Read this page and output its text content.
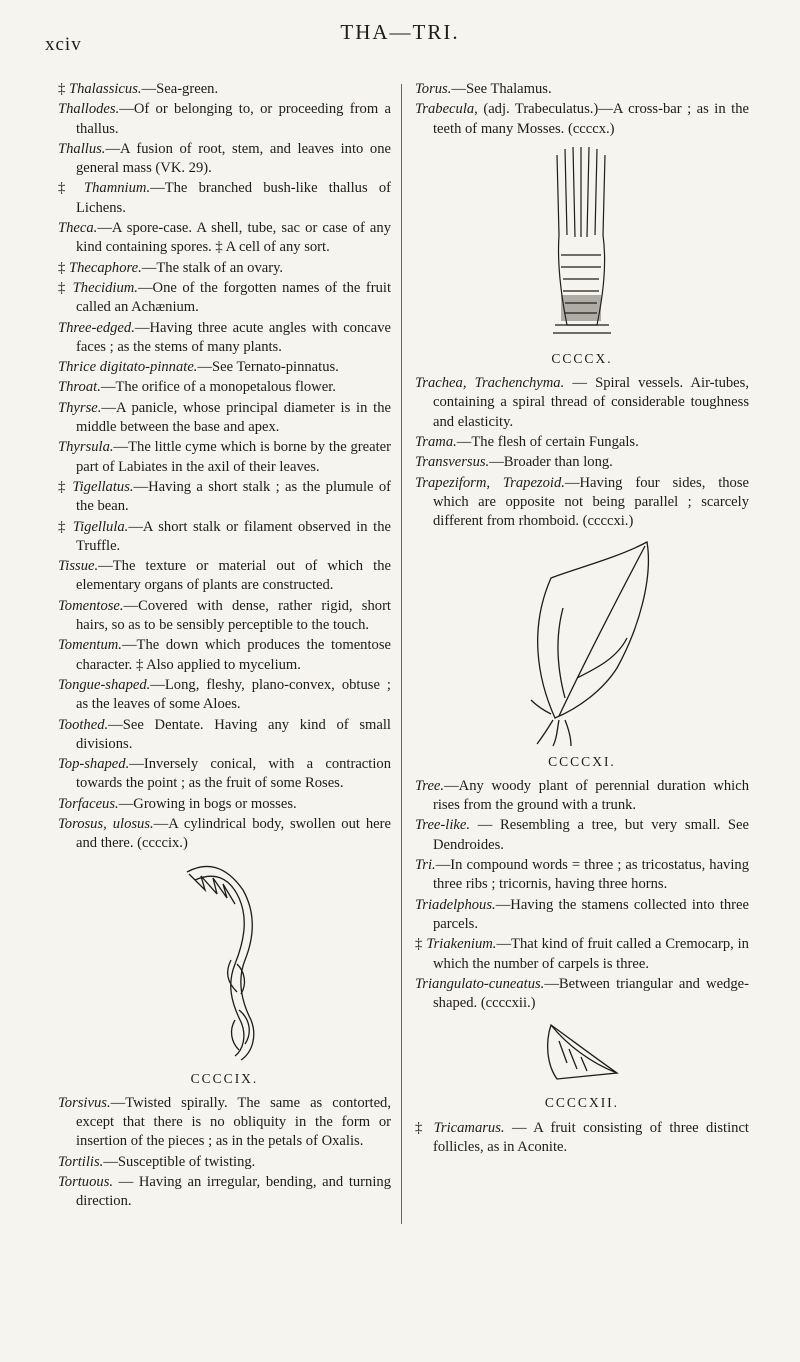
xciv
THA—TRI.

‡ Thalassicus.—Sea-green.

Thallodes.—Of or belonging to, or proceeding from a thallus.

Thallus.—A fusion of root, stem, and leaves into one general mass (VK. 29).

‡ Thamnium.—The branched bush-like thallus of Lichens.

Theca.—A spore-case. A shell, tube, sac or case of any kind containing spores. ‡ A cell of any sort.

‡ Thecaphore.—The stalk of an ovary.

‡ Thecidium.—One of the forgotten names of the fruit called an Achænium.

Three-edged.—Having three acute angles with concave faces ; as the stems of many plants.

Thrice digitato-pinnate.—See Ternato-pinnatus.

Throat.—The orifice of a monopetalous flower.

Thyrse.—A panicle, whose principal diameter is in the middle between the base and apex.

Thyrsula.—The little cyme which is borne by the greater part of Labiates in the axil of their leaves.

‡ Tigellatus.—Having a short stalk ; as the plumule of the bean.

‡ Tigellula.—A short stalk or filament observed in the Truffle.

Tissue.—The texture or material out of which the elementary organs of plants are constructed.

Tomentose.—Covered with dense, rather rigid, short hairs, so as to be sensibly perceptible to the touch.

Tomentum.—The down which produces the tomentose character. ‡ Also applied to mycelium.

Tongue-shaped.—Long, fleshy, plano-convex, obtuse ; as the leaves of some Aloes.

Toothed.—See Dentate. Having any kind of small divisions.

Top-shaped.—Inversely conical, with a contraction towards the point ; as the fruit of some Roses.

Torfaceus.—Growing in bogs or mosses.

Torosus, ulosus.—A cylindrical body, swollen out here and there. (ccccix.)

CCCCIX.

Torsivus.—Twisted spirally. The same as contorted, except that there is no obliquity in the form or insertion of the pieces ; as in the petals of Oxalis.

Tortilis.—Susceptible of twisting.

Tortuous. — Having an irregular, bending, and turning direction.

Torus.—See Thalamus.

Trabecula, (adj. Trabeculatus.)—A cross-bar ; as in the teeth of many Mosses. (ccccx.)

CCCCX.

Trachea, Trachenchyma. — Spiral vessels. Air-tubes, containing a spiral thread of considerable toughness and elasticity.

Trama.—The flesh of certain Fungals.

Transversus.—Broader than long.

Trapeziform, Trapezoid.—Having four sides, those which are opposite not being parallel ; scarcely different from rhomboid. (ccccxi.)

CCCCXI.

Tree.—Any woody plant of perennial duration which rises from the ground with a trunk.

Tree-like. — Resembling a tree, but very small. See Dendroides.

Tri.—In compound words = three ; as tricostatus, having three ribs ; tricornis, having three horns.

Triadelphous.—Having the stamens collected into three parcels.

‡ Triakenium.—That kind of fruit called a Cremocarp, in which the number of carpels is three.

Triangulato-cuneatus.—Between triangular and wedge-shaped. (ccccxii.)

CCCCXII.

‡ Tricamarus. — A fruit consisting of three distinct follicles, as in Aconite.
